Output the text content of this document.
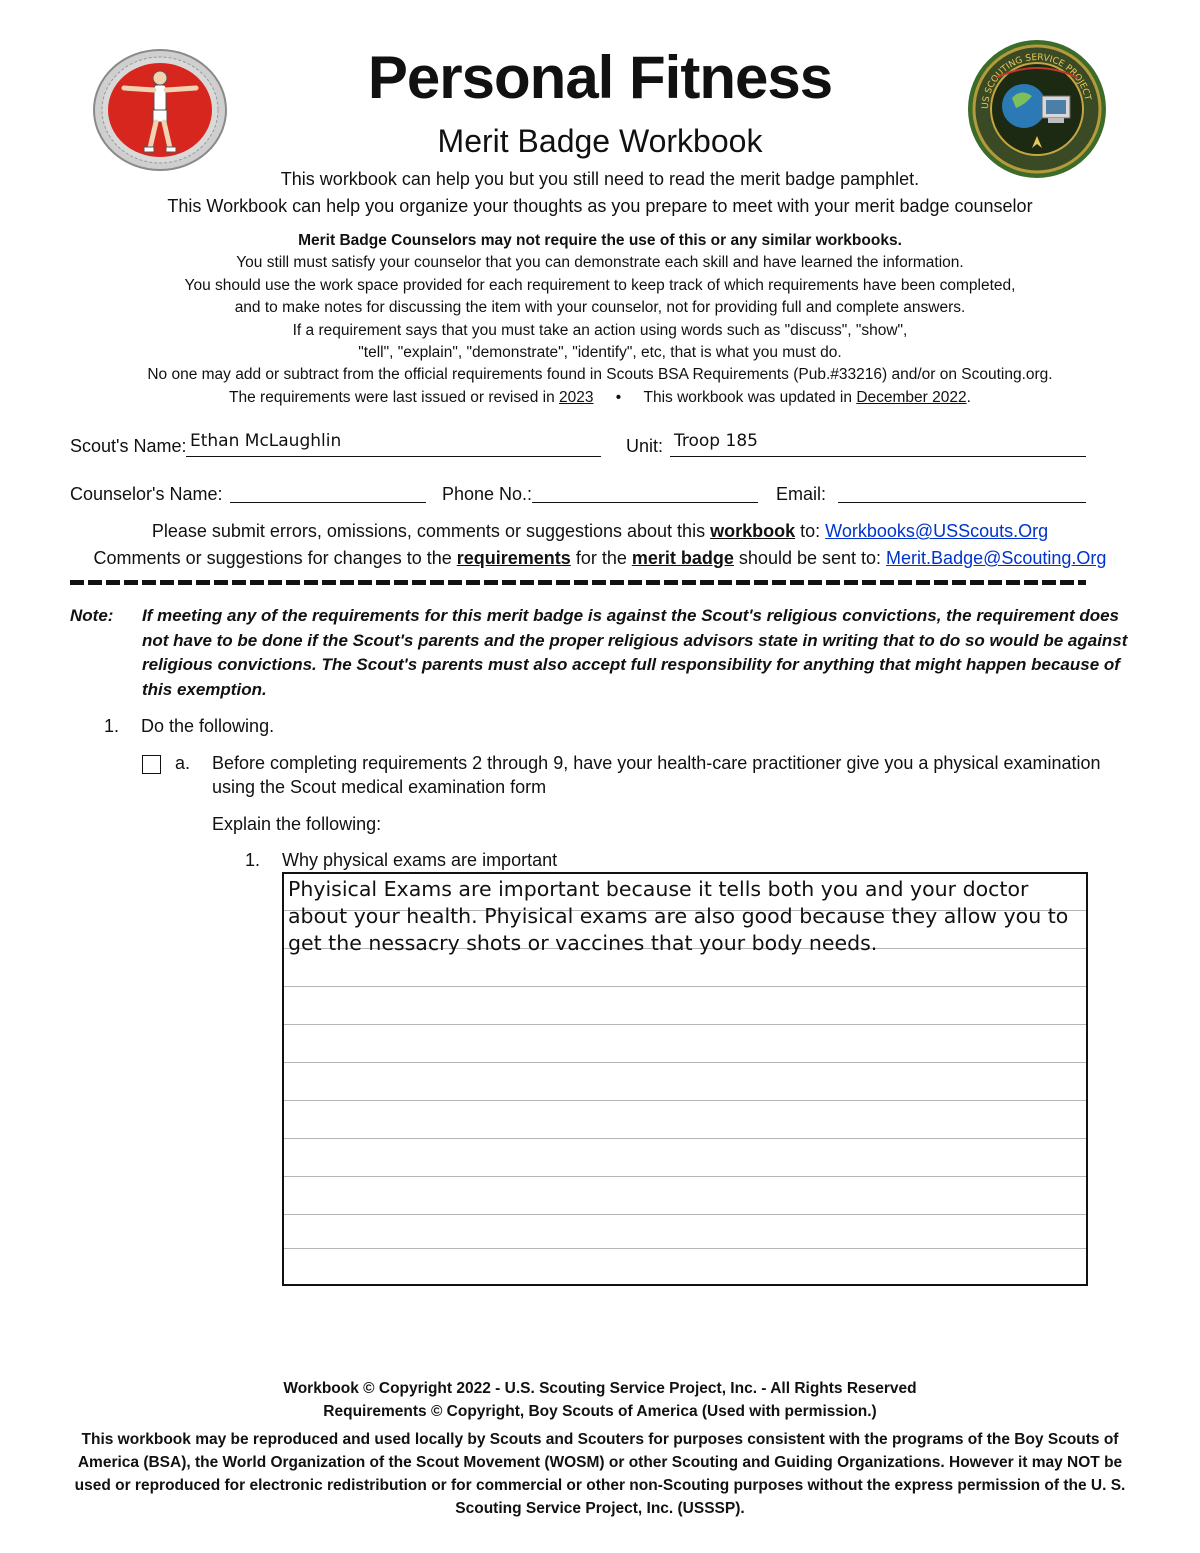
US SCOUTING SERVICE PROJECT
Personal Fitness
Merit Badge Workbook
This workbook can help you but you still need to read the merit badge pamphlet.
This Workbook can help you organize your thoughts as you prepare to meet with your merit badge counselor
Merit Badge Counselors may not require the use of this or any similar workbooks.
You still must satisfy your counselor that you can demonstrate each skill and have learned the information.
You should use the work space provided for each requirement to keep track of which requirements have been completed,
and to make notes for discussing the item with your counselor, not for providing full and complete answers.
If a requirement says that you must take an action using words such as "discuss", "show",
"tell", "explain", "demonstrate", "identify", etc, that is what you must do.
No one may add or subtract from the official requirements found in Scouts BSA Requirements (Pub.#33216) and/or on Scouting.org.
The requirements were last issued or revised in 2023 • This workbook was updated in December 2022.
Scout's Name: Ethan McLaughlin	Unit: Troop 185
Counselor's Name:	Phone No.:	Email:
Please submit errors, omissions, comments or suggestions about this workbook to: Workbooks@USScouts.Org
Comments or suggestions for changes to the requirements for the merit badge should be sent to: Merit.Badge@Scouting.Org
Note: If meeting any of the requirements for this merit badge is against the Scout's religious convictions, the requirement does not have to be done if the Scout's parents and the proper religious advisors state in writing that to do so would be against religious convictions. The Scout's parents must also accept full responsibility for anything that might happen because of this exemption.
1. Do the following.
a. Before completing requirements 2 through 9, have your health-care practitioner give you a physical examination
using the Scout medical examination form
Explain the following:
1. Why physical exams are important
Phyisical Exams are important because it tells both you and your doctor about your health. Phyisical exams are also good because they allow you to get the nessacry shots or vaccines that your body needs.
Workbook © Copyright 2022 - U.S. Scouting Service Project, Inc. - All Rights Reserved
Requirements © Copyright, Boy Scouts of America (Used with permission.)
This workbook may be reproduced and used locally by Scouts and Scouters for purposes consistent with the programs of the Boy Scouts of America (BSA), the World Organization of the Scout Movement (WOSM) or other Scouting and Guiding Organizations. However it may NOT be used or reproduced for electronic redistribution or for commercial or other non-Scouting purposes without the express permission of the U. S. Scouting Service Project, Inc. (USSSP).
